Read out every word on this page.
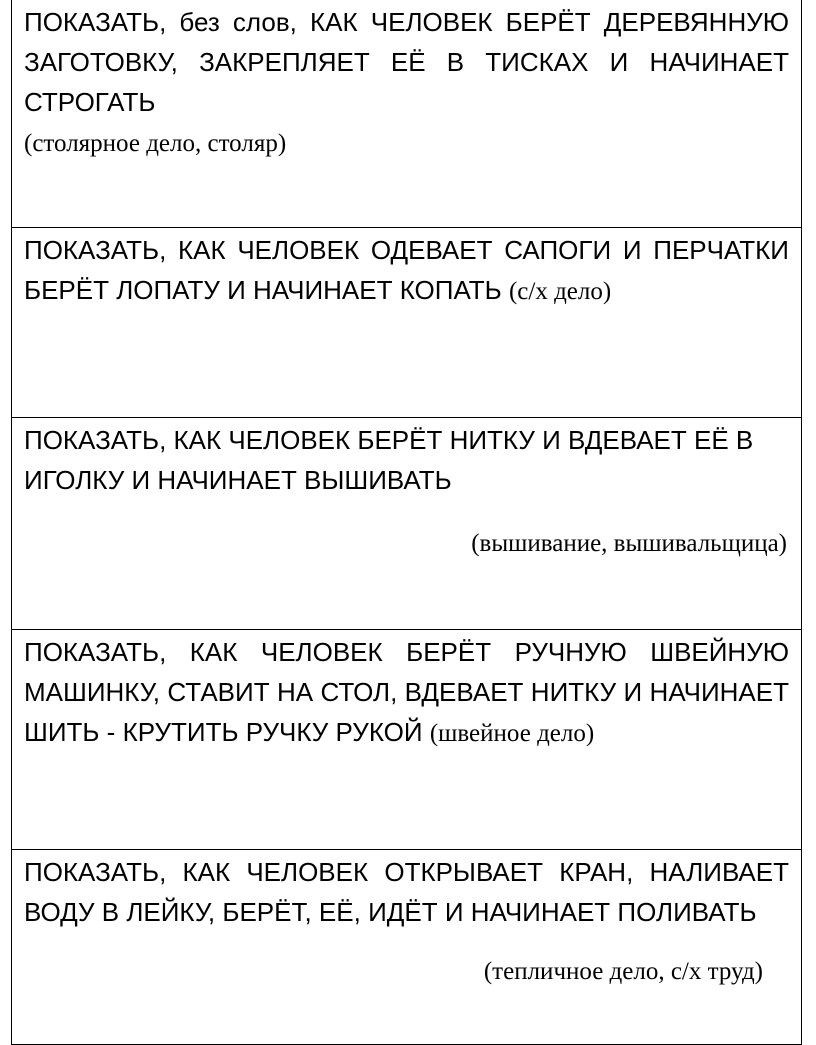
ПОКАЗАТЬ, без слов, КАК ЧЕЛОВЕК БЕРЁТ ДЕРЕВЯННУЮ ЗАГОТОВКУ, ЗАКРЕПЛЯЕТ ЕЁ В ТИСКАХ И НАЧИНАЕТ СТРОГАТЬ

(столярное дело, столяр)

ПОКАЗАТЬ, КАК ЧЕЛОВЕК ОДЕВАЕТ САПОГИ И ПЕРЧАТКИ БЕРЁТ ЛОПАТУ И НАЧИНАЕТ КОПАТЬ (с/х дело)

ПОКАЗАТЬ, КАК ЧЕЛОВЕК БЕРЁТ НИТКУ И ВДЕВАЕТ ЕЁ В ИГОЛКУ И НАЧИНАЕТ ВЫШИВАТЬ

(вышивание, вышивальщица)

ПОКАЗАТЬ, КАК ЧЕЛОВЕК БЕРЁТ РУЧНУЮ ШВЕЙНУЮ МАШИНКУ, СТАВИТ НА СТОЛ, ВДЕВАЕТ НИТКУ И НАЧИНАЕТ ШИТЬ - КРУТИТЬ РУЧКУ РУКОЙ (швейное дело)

ПОКАЗАТЬ, КАК ЧЕЛОВЕК ОТКРЫВАЕТ КРАН, НАЛИВАЕТ ВОДУ В ЛЕЙКУ, БЕРЁТ, ЕЁ, ИДЁТ И НАЧИНАЕТ ПОЛИВАТЬ

(тепличное дело, с/х труд)
